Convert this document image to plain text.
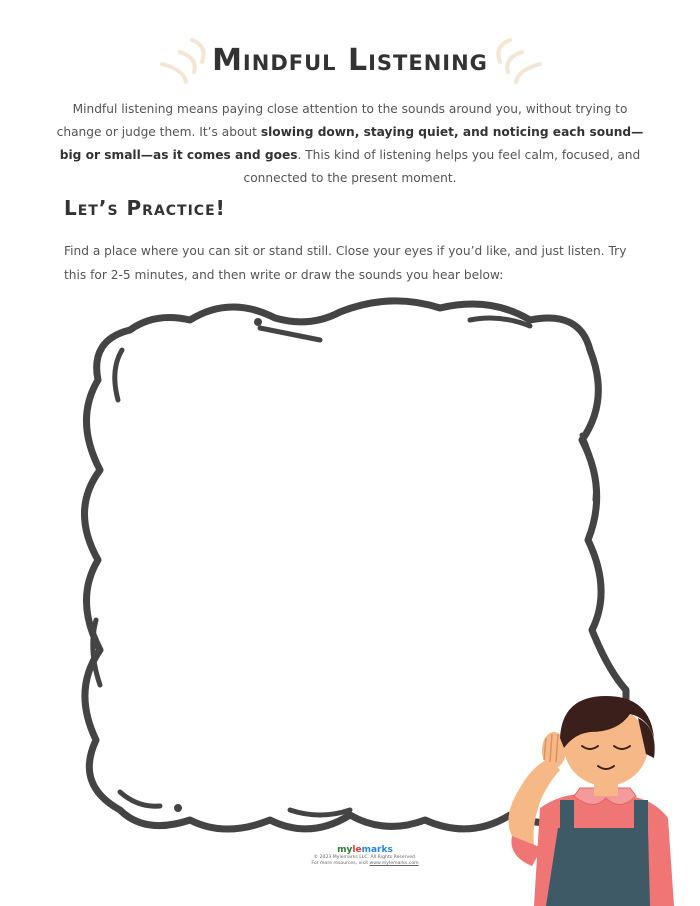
Mindful Listening
Mindful listening means paying close attention to the sounds around you, without trying to change or judge them. It’s about slowing down, staying quiet, and noticing each sound—big or small—as it comes and goes. This kind of listening helps you feel calm, focused, and connected to the present moment.
Let’s Practice!
Find a place where you can sit or stand still. Close your eyes if you’d like, and just listen. Try this for 2-5 minutes, and then write or draw the sounds you hear below:
mylemarks
© 2023 Mylemarks LLC. All Rights Reserved.
For more resources, visit www.mylemarks.com
